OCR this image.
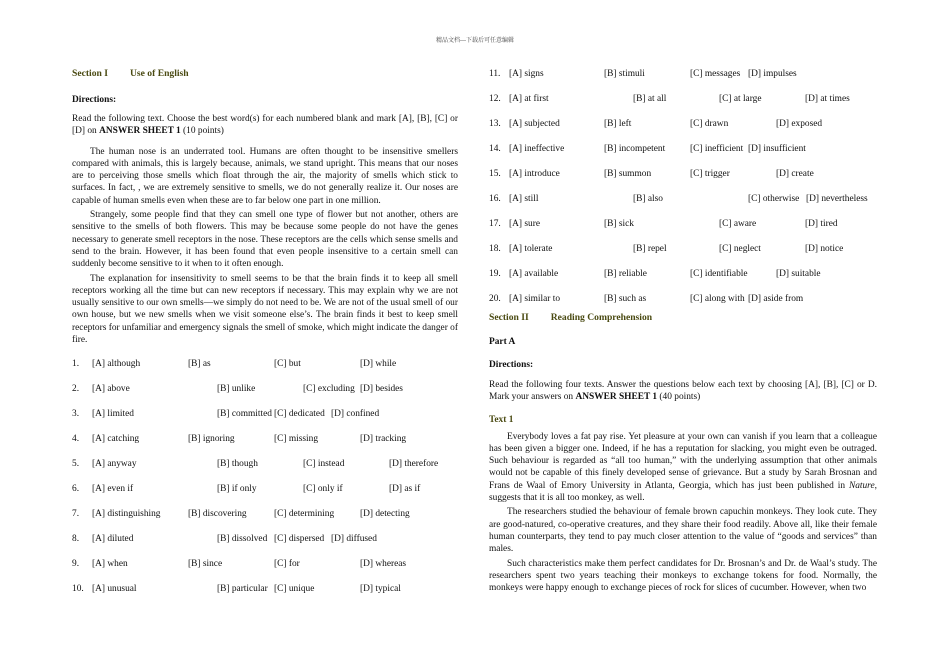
精品文档---下载后可任意编辑
Section I Use of English
Directions:

Read the following text. Choose the best word(s) for each numbered blank and mark [A], [B], [C] or [D] on ANSWER SHEET 1 (10 points)

The human nose is an underrated tool. Humans are often thought to be insensitive smellers compared with animals, this is largely because, animals, we stand upright. This means that our noses are to perceiving those smells which float through the air, the majority of smells which stick to surfaces. In fact, , we are extremely sensitive to smells, we do not generally realize it. Our noses are capable of human smells even when these are to far below one part in one million.

Strangely, some people find that they can smell one type of flower but not another, others are sensitive to the smells of both flowers. This may be because some people do not have the genes necessary to generate smell receptors in the nose. These receptors are the cells which sense smells and send to the brain. However, it has been found that even people insensitive to a certain smell can suddenly become sensitive to it when to it often enough.

The explanation for insensitivity to smell seems to be that the brain finds it to keep all smell receptors working all the time but can new receptors if necessary. This may explain why we are not usually sensitive to our own smells—we simply do not need to be. We are not of the usual smell of our own house, but we new smells when we visit someone else’s. The brain finds it best to keep smell receptors for unfamiliar and emergency signals the smell of smoke, which might indicate the danger of fire.

1.	[A] although	[B] as	[C] but	[D] while
2.	[A] above	[B] unlike	[C] excluding [D] besides
3.	[A] limited	[B] committed [C] dedicated [D] confined
4.	[A] catching	[B] ignoring	[C] missing	[D] tracking
5.	[A] anyway	[B] though	[C] instead	[D] therefore
6.	[A] even if	[B] if only	[C] only if	[D] as if
7.	[A] distinguishing	[B] discovering	[C] determining	[D] detecting
8.	[A] diluted	[B] dissolved [C] dispersed [D] diffused
9.	[A] when	[B] since	[C] for	[D] whereas
10. [A] unusual	[B] particular [C] unique	[D] typical
11. [A] signs	[B] stimuli	[C] messages [D] impulses
12. [A] at first	[B] at all	[C] at large	[D] at times
13. [A] subjected	[B] left	[C] drawn	[D] exposed
14. [A] ineffective	[B] incompetent	[C] inefficient [D] insufficient
15. [A] introduce	[B] summon	[C] trigger	[D] create
16. [A] still	[B] also	[C] otherwise [D] nevertheless
17. [A] sure	[B] sick	[C] aware	[D] tired
18. [A] tolerate	[B] repel	[C] neglect	[D] notice
19. [A] available	[B] reliable	[C] identifiable	[D] suitable
20. [A] similar to	[B] such as	[C] along with [D] aside from
Section II Reading Comprehension
Part A
Directions:

Read the following four texts. Answer the questions below each text by choosing [A], [B], [C] or D. Mark your answers on ANSWER SHEET 1 (40 points)

Text 1

Everybody loves a fat pay rise. Yet pleasure at your own can vanish if you learn that a colleague has been given a bigger one. Indeed, if he has a reputation for slacking, you might even be outraged. Such behaviour is regarded as “all too human,” with the underlying assumption that other animals would not be capable of this finely developed sense of grievance. But a study by Sarah Brosnan and Frans de Waal of Emory University in Atlanta, Georgia, which has just been published in Nature, suggests that it is all too monkey, as well.

The researchers studied the behaviour of female brown capuchin monkeys. They look cute. They are good-natured, co-operative creatures, and they share their food readily. Above all, like their female human counterparts, they tend to pay much closer attention to the value of “goods and services” than males.

Such characteristics make them perfect candidates for Dr. Brosnan’s and Dr. de Waal’s study. The researchers spent two years teaching their monkeys to exchange tokens for food. Normally, the monkeys were happy enough to exchange pieces of rock for slices of cucumber. However, when two
